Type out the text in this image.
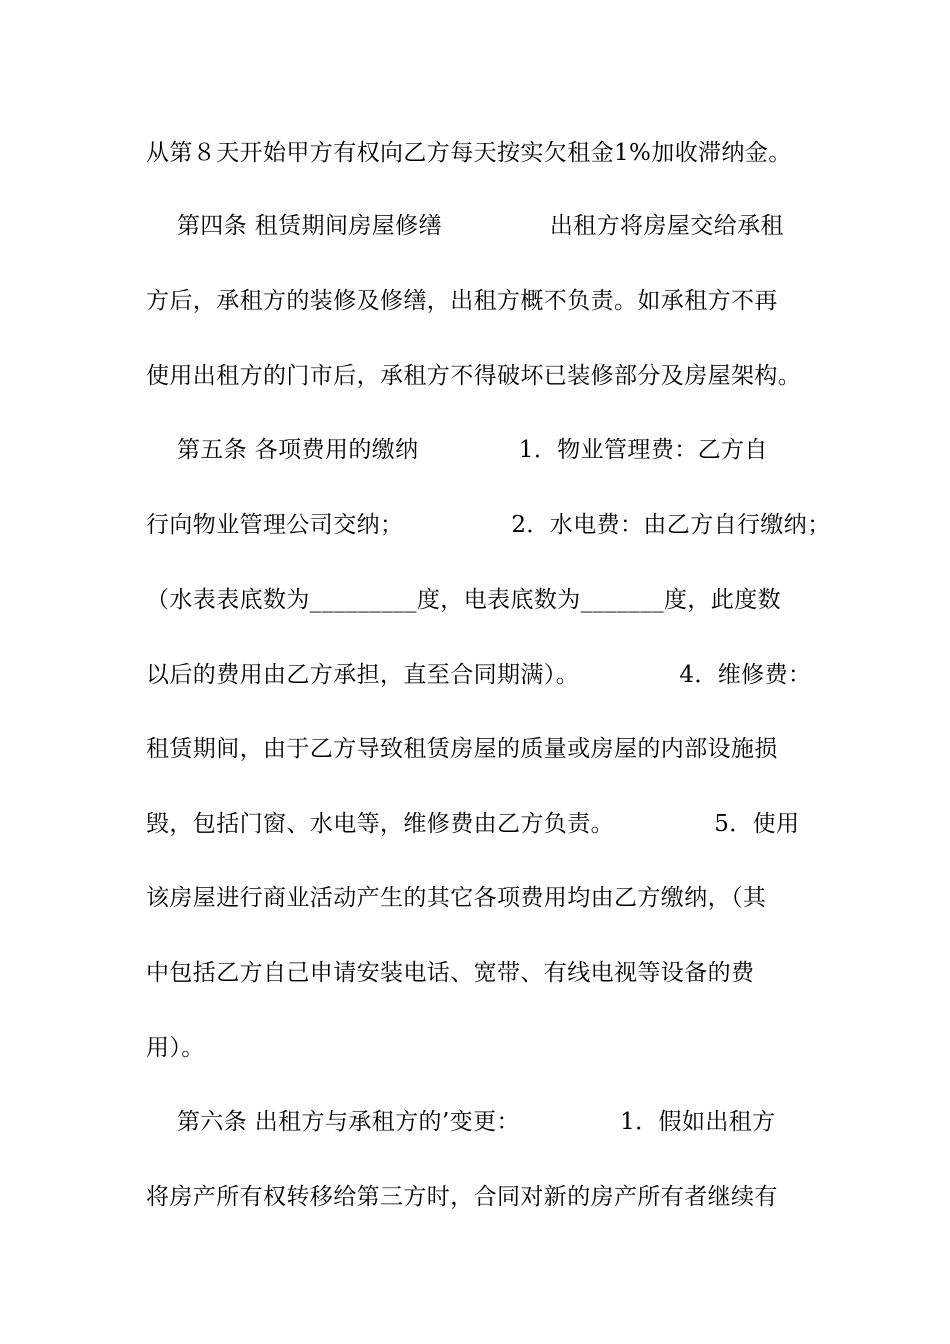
从第８天开始甲方有权向乙方每天按实欠租金1%加收滞纳金。
第四条 租赁期间房屋修缮              出租方将房屋交给承租
方后，承租方的装修及修缮，出租方概不负责。如承租方不再
使用出租方的门市后，承租方不得破坏已装修部分及房屋架构。
第五条 各项费用的缴纳             1．物业管理费：乙方自
行向物业管理公司交纳；              2．水电费：由乙方自行缴纳；
（水表表底数为_________度，电表底数为_______度，此度数
以后的费用由乙方承担，直至合同期满）。             4．维修费：
租赁期间，由于乙方导致租赁房屋的质量或房屋的内部设施损
毁，包括门窗、水电等，维修费由乙方负责。             5．使用
该房屋进行商业活动产生的其它各项费用均由乙方缴纳，（其
中包括乙方自己申请安装电话、宽带、有线电视等设备的费
用）。
第六条 出租方与承租方的’变更：             1．假如出租方
将房产所有权转移给第三方时，合同对新的房产所有者继续有
